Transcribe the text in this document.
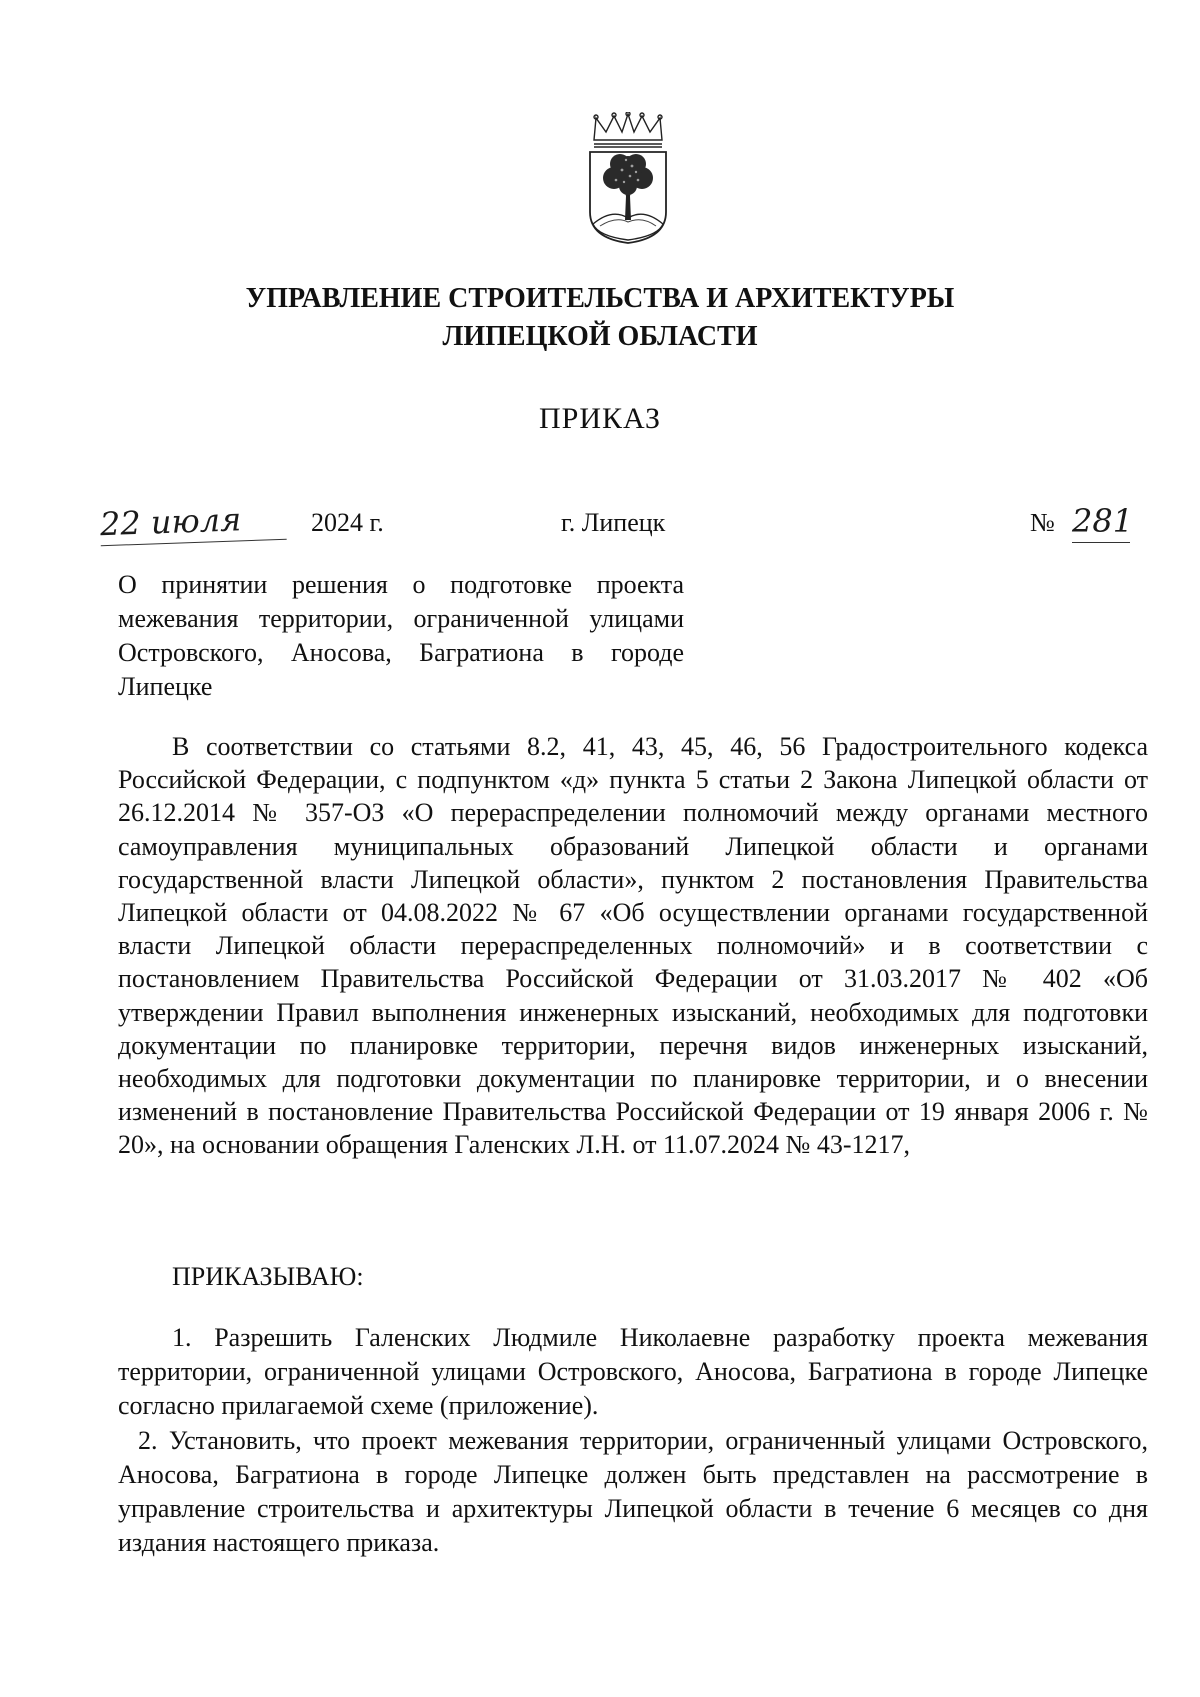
УПРАВЛЕНИЕ СТРОИТЕЛЬСТВА И АРХИТЕКТУРЫ
ЛИПЕЦКОЙ ОБЛАСТИ
ПРИКАЗ
22 июля	2024 г.	г. Липецк	№ 281
О принятии решения о подготовке проекта межевания территории, ограниченной улицами Островского, Аносова, Багратиона в городе Липецке
В соответствии со статьями 8.2, 41, 43, 45, 46, 56 Градостроительного кодекса Российской Федерации, с подпунктом «д» пункта 5 статьи 2 Закона Липецкой области от 26.12.2014 № 357-ОЗ «О перераспределении полномочий между органами местного самоуправления муниципальных образований Липецкой области и органами государственной власти Липецкой области», пунктом 2 постановления Правительства Липецкой области от 04.08.2022 № 67 «Об осуществлении органами государственной власти Липецкой области перераспределенных полномочий» и в соответствии с постановлением Правительства Российской Федерации от 31.03.2017 № 402 «Об утверждении Правил выполнения инженерных изысканий, необходимых для подготовки документации по планировке территории, перечня видов инженерных изысканий, необходимых для подготовки документации по планировке территории, и о внесении изменений в постановление Правительства Российской Федерации от 19 января 2006 г. № 20», на основании обращения Галенских Л.Н. от 11.07.2024 № 43-1217,
ПРИКАЗЫВАЮ:
1. Разрешить Галенских Людмиле Николаевне разработку проекта межевания территории, ограниченной улицами Островского, Аносова, Багратиона в городе Липецке согласно прилагаемой схеме (приложение).
2. Установить, что проект межевания территории, ограниченный улицами Островского, Аносова, Багратиона в городе Липецке должен быть представлен на рассмотрение в управление строительства и архитектуры Липецкой области в течение 6 месяцев со дня издания настоящего приказа.
